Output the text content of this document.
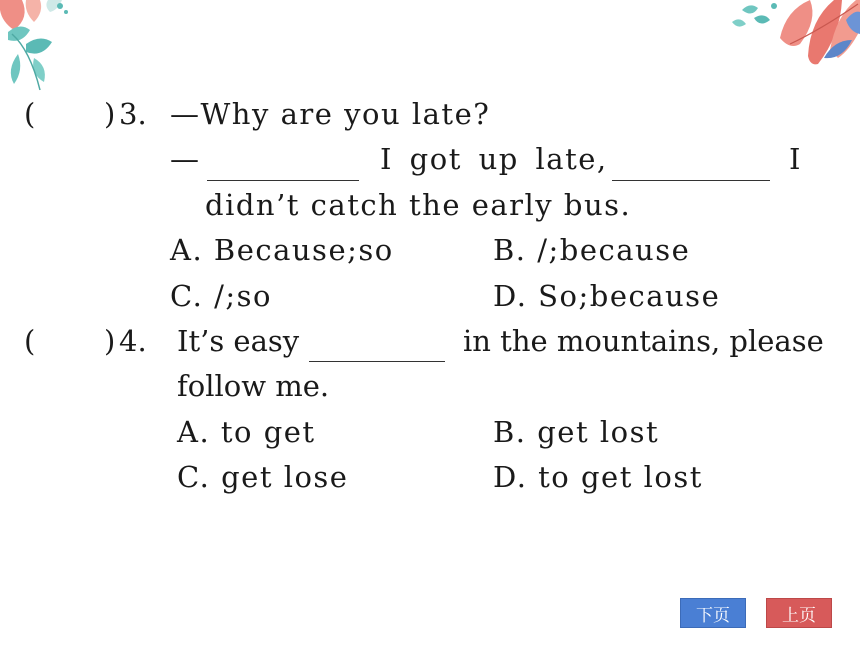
( ) 3. —Why are you late?
—	I got up late,	I
didn’t catch the early bus.
A. Because;so	B. /;because
C. /;so	D. So;because
( ) 4. It’s easy	in the mountains, please
follow me.
A. to get	B. get lost
C. get lose	D. to get lost
下页	上页
